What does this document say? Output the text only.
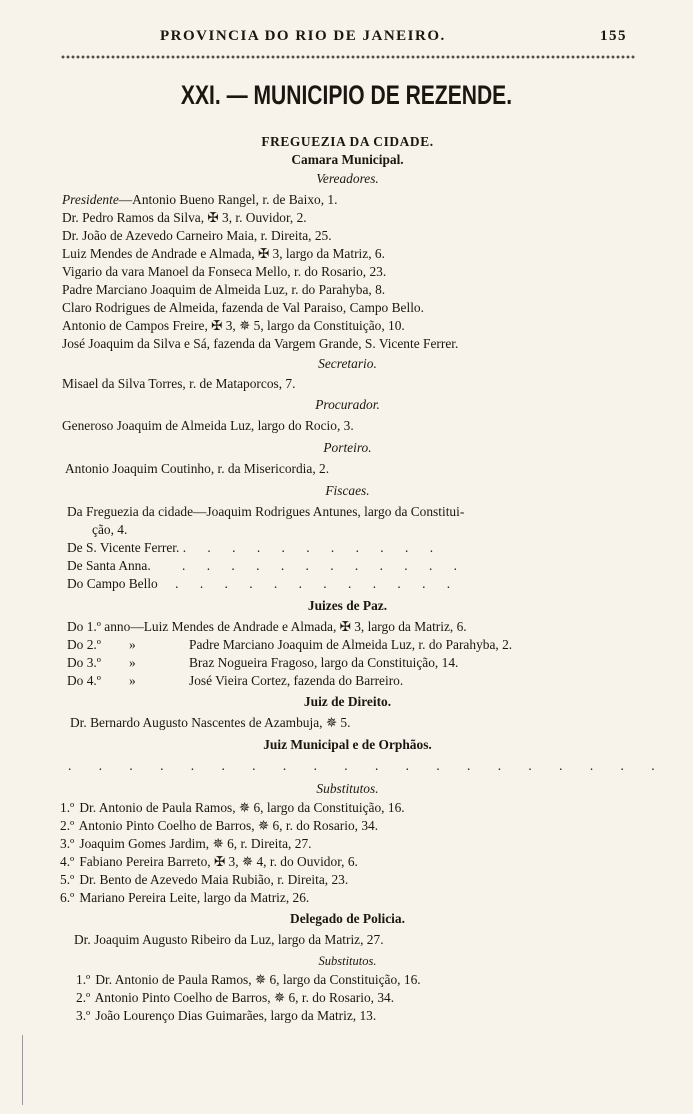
PROVINCIA DO RIO DE JANEIRO.	155
XXI. — MUNICIPIO DE REZENDE.
FREGUEZIA DA CIDADE.
Camara Municipal.
Vereadores.
Presidente—Antonio Bueno Rangel, r. de Baixo, 1.
Dr. Pedro Ramos da Silva, ✠ 3, r. Ouvidor, 2.
Dr. João de Azevedo Carneiro Maia, r. Direita, 25.
Luiz Mendes de Andrade e Almada, ✠ 3, largo da Matriz, 6.
Vigario da vara Manoel da Fonseca Mello, r. do Rosario, 23.
Padre Marciano Joaquim de Almeida Luz, r. do Parahyba, 8.
Claro Rodrigues de Almeida, fazenda de Val Paraiso, Campo Bello.
Antonio de Campos Freire, ✠ 3, ✵ 5, largo da Constituição, 10.
José Joaquim da Silva e Sá, fazenda da Vargem Grande, S. Vicente Ferrer.
Secretario.
Misael da Silva Torres, r. de Mataporcos, 7.
Procurador.
Generoso Joaquim de Almeida Luz, largo do Rocio, 3.
Porteiro.
Antonio Joaquim Coutinho, r. da Misericordia, 2.
Fiscaes.
Da Freguezia da cidade—Joaquim Rodrigues Antunes, largo da Constitui-
ção, 4.
De S. Vicente Ferrer. . . . . . . . . . . .
De Santa Anna. . . . . . . . . . . . .
Do Campo Bello . . . . . . . . . . . .
Juizes de Paz.
Do 1.º anno—Luiz Mendes de Andrade e Almada, ✠ 3, largo da Matriz, 6.
Do 2.º »	Padre Marciano Joaquim de Almeida Luz, r. do Parahyba, 2.
Do 3.º »	Braz Nogueira Fragoso, largo da Constituição, 14.
Do 4.º »	José Vieira Cortez, fazenda do Barreiro.
Juiz de Direito.
Dr. Bernardo Augusto Nascentes de Azambuja, ✵ 5.
Juiz Municipal e de Orphãos.
. . . . . . . . . . . . . . . . . . . .
Substitutos.
1.º Dr. Antonio de Paula Ramos, ✵ 6, largo da Constituição, 16.
2.º Antonio Pinto Coelho de Barros, ✵ 6, r. do Rosario, 34.
3.º Joaquim Gomes Jardim, ✵ 6, r. Direita, 27.
4.º Fabiano Pereira Barreto, ✠ 3, ✵ 4, r. do Ouvidor, 6.
5.º Dr. Bento de Azevedo Maia Rubião, r. Direita, 23.
6.º Mariano Pereira Leite, largo da Matriz, 26.
Delegado de Policia.
Dr. Joaquim Augusto Ribeiro da Luz, largo da Matriz, 27.
Substitutos.
1.º Dr. Antonio de Paula Ramos, ✵ 6, largo da Constituição, 16.
2.º Antonio Pinto Coelho de Barros, ✵ 6, r. do Rosario, 34.
3.º João Lourenço Dias Guimarães, largo da Matriz, 13.
